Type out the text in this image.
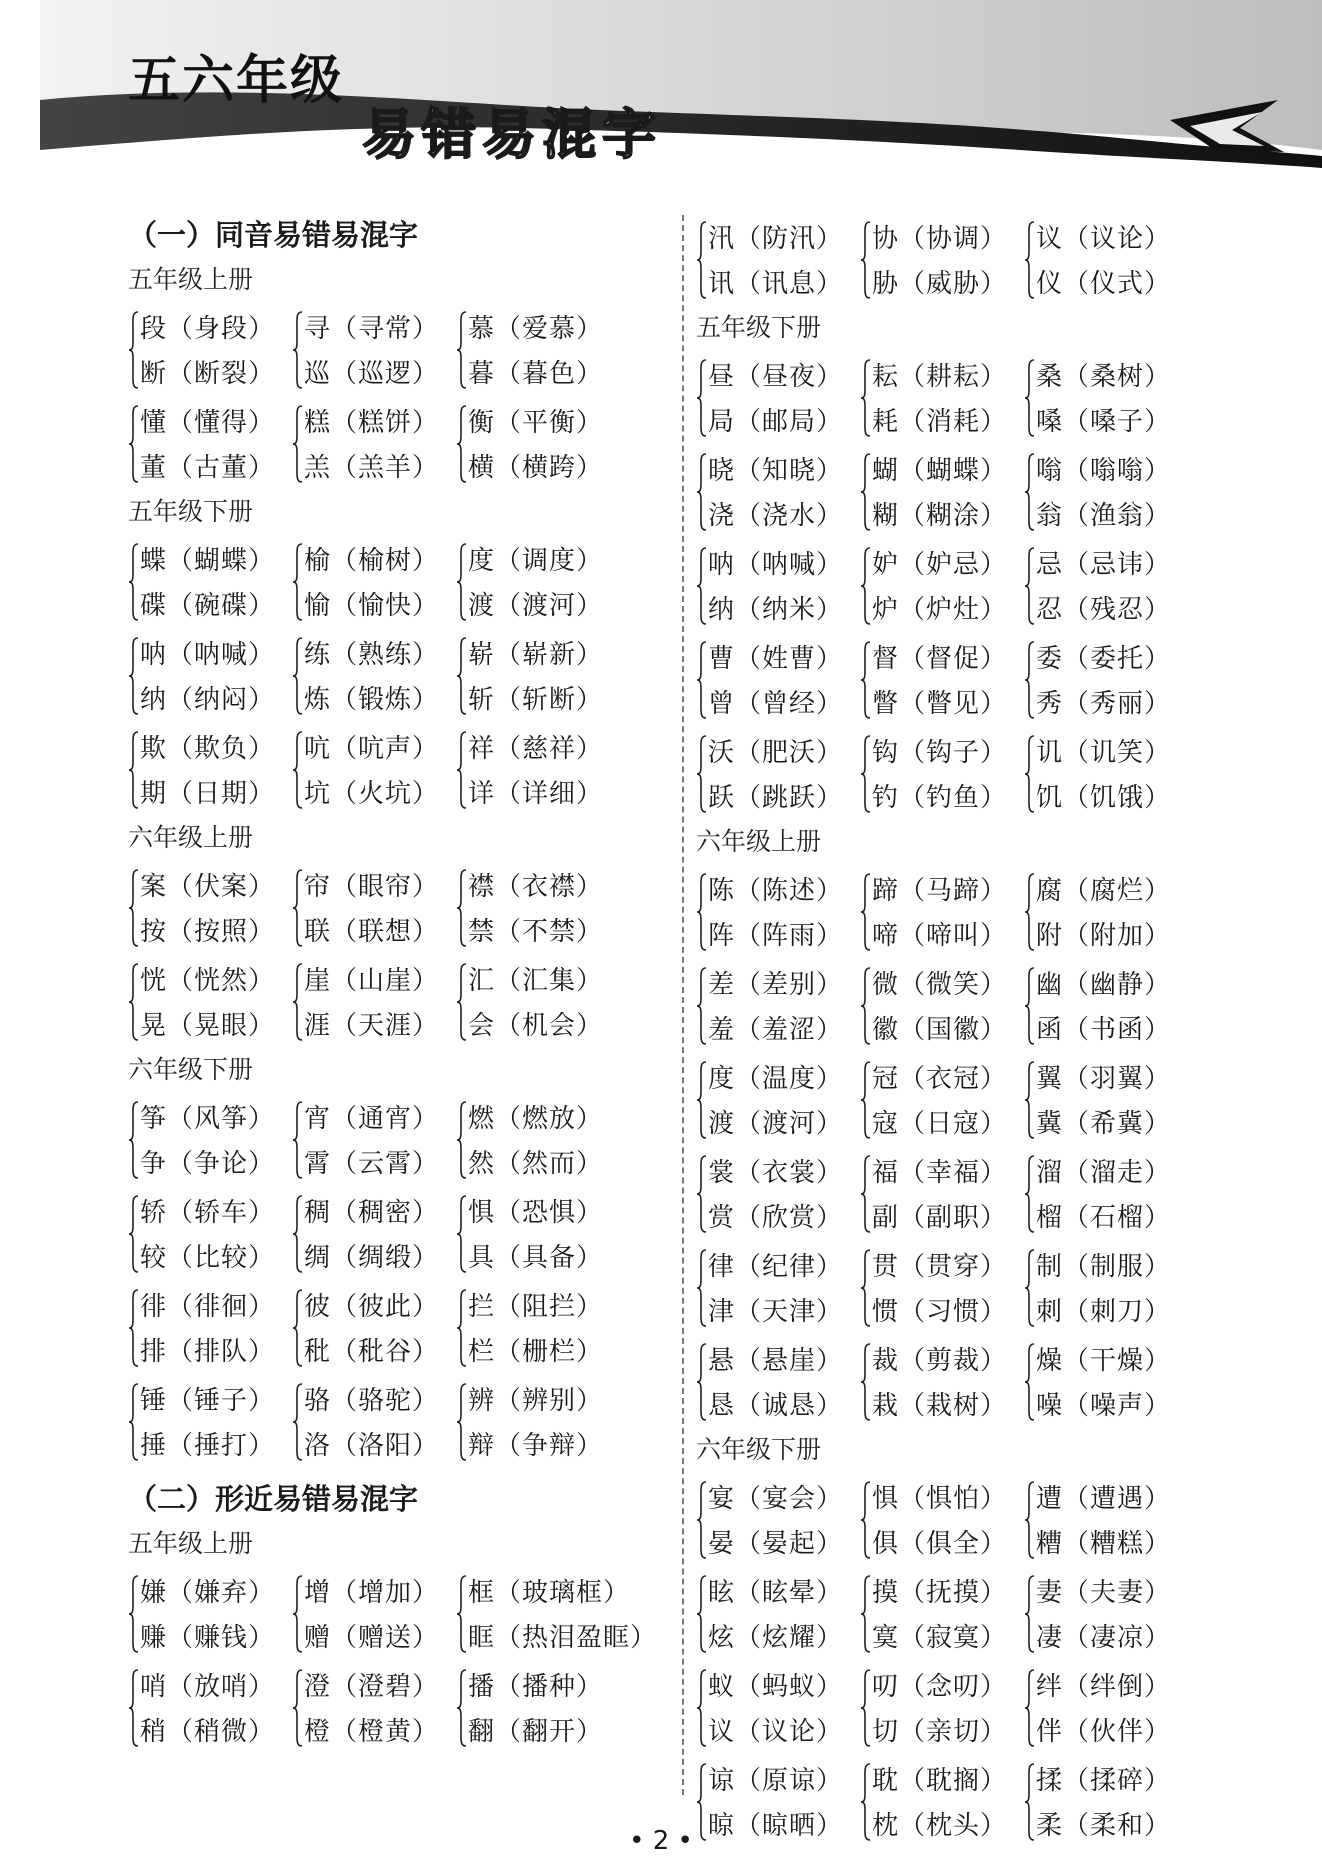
五六年级
易错易混字
（一）同音易错易混字
五年级上册
段（身段）
断（断裂）
寻（寻常）
巡（巡逻）
慕（爱慕）
暮（暮色）
懂（懂得）
董（古董）
糕（糕饼）
羔（羔羊）
衡（平衡）
横（横跨）
五年级下册
蝶（蝴蝶）
碟（碗碟）
榆（榆树）
愉（愉快）
度（调度）
渡（渡河）
呐（呐喊）
纳（纳闷）
练（熟练）
炼（锻炼）
崭（崭新）
斩（斩断）
欺（欺负）
期（日期）
吭（吭声）
坑（火坑）
祥（慈祥）
详（详细）
六年级上册
案（伏案）
按（按照）
帘（眼帘）
联（联想）
襟（衣襟）
禁（不禁）
恍（恍然）
晃（晃眼）
崖（山崖）
涯（天涯）
汇（汇集）
会（机会）
六年级下册
筝（风筝）
争（争论）
宵（通宵）
霄（云霄）
燃（燃放）
然（然而）
轿（轿车）
较（比较）
稠（稠密）
绸（绸缎）
惧（恐惧）
具（具备）
徘（徘徊）
排（排队）
彼（彼此）
秕（秕谷）
拦（阻拦）
栏（栅栏）
锤（锤子）
捶（捶打）
骆（骆驼）
洛（洛阳）
辨（辨别）
辩（争辩）
（二）形近易错易混字
五年级上册
嫌（嫌弃）
赚（赚钱）
增（增加）
赠（赠送）
框（玻璃框）
眶（热泪盈眶）
哨（放哨）
稍（稍微）
澄（澄碧）
橙（橙黄）
播（播种）
翻（翻开）
汛（防汛）
讯（讯息）
协（协调）
胁（威胁）
议（议论）
仪（仪式）
五年级下册
昼（昼夜）
局（邮局）
耘（耕耘）
耗（消耗）
桑（桑树）
嗓（嗓子）
晓（知晓）
浇（浇水）
蝴（蝴蝶）
糊（糊涂）
嗡（嗡嗡）
翁（渔翁）
呐（呐喊）
纳（纳米）
妒（妒忌）
炉（炉灶）
忌（忌讳）
忍（残忍）
曹（姓曹）
曾（曾经）
督（督促）
瞥（瞥见）
委（委托）
秀（秀丽）
沃（肥沃）
跃（跳跃）
钩（钩子）
钓（钓鱼）
讥（讥笑）
饥（饥饿）
六年级上册
陈（陈述）
阵（阵雨）
蹄（马蹄）
啼（啼叫）
腐（腐烂）
附（附加）
差（差别）
羞（羞涩）
微（微笑）
徽（国徽）
幽（幽静）
函（书函）
度（温度）
渡（渡河）
冠（衣冠）
寇（日寇）
翼（羽翼）
冀（希冀）
裳（衣裳）
赏（欣赏）
福（幸福）
副（副职）
溜（溜走）
榴（石榴）
律（纪律）
津（天津）
贯（贯穿）
惯（习惯）
制（制服）
刺（刺刀）
悬（悬崖）
恳（诚恳）
裁（剪裁）
栽（栽树）
燥（干燥）
噪（噪声）
六年级下册
宴（宴会）
晏（晏起）
惧（惧怕）
俱（俱全）
遭（遭遇）
糟（糟糕）
眩（眩晕）
炫（炫耀）
摸（抚摸）
寞（寂寞）
妻（夫妻）
凄（凄凉）
蚁（蚂蚁）
议（议论）
叨（念叨）
切（亲切）
绊（绊倒）
伴（伙伴）
谅（原谅）
晾（晾晒）
耽（耽搁）
枕（枕头）
揉（揉碎）
柔（柔和）
• 2 •
